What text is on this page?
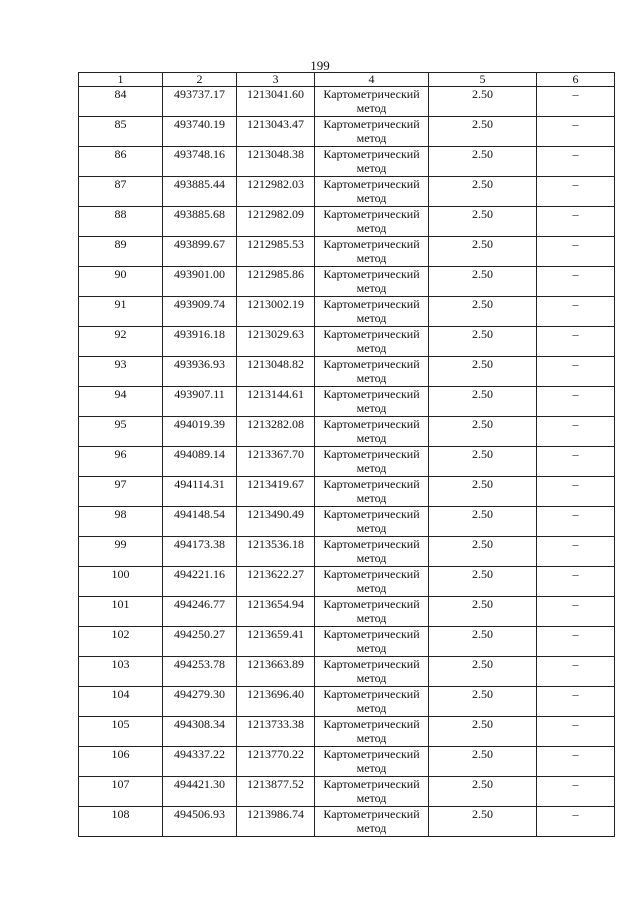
199
1	2	3	4	5	6
84	493737.17	1213041.60	Картометрический метод	2.50	–
85	493740.19	1213043.47	Картометрический метод	2.50	–
86	493748.16	1213048.38	Картометрический метод	2.50	–
87	493885.44	1212982.03	Картометрический метод	2.50	–
88	493885.68	1212982.09	Картометрический метод	2.50	–
89	493899.67	1212985.53	Картометрический метод	2.50	–
90	493901.00	1212985.86	Картометрический метод	2.50	–
91	493909.74	1213002.19	Картометрический метод	2.50	–
92	493916.18	1213029.63	Картометрический метод	2.50	–
93	493936.93	1213048.82	Картометрический метод	2.50	–
94	493907.11	1213144.61	Картометрический метод	2.50	–
95	494019.39	1213282.08	Картометрический метод	2.50	–
96	494089.14	1213367.70	Картометрический метод	2.50	–
97	494114.31	1213419.67	Картометрический метод	2.50	–
98	494148.54	1213490.49	Картометрический метод	2.50	–
99	494173.38	1213536.18	Картометрический метод	2.50	–
100	494221.16	1213622.27	Картометрический метод	2.50	–
101	494246.77	1213654.94	Картометрический метод	2.50	–
102	494250.27	1213659.41	Картометрический метод	2.50	–
103	494253.78	1213663.89	Картометрический метод	2.50	–
104	494279.30	1213696.40	Картометрический метод	2.50	–
105	494308.34	1213733.38	Картометрический метод	2.50	–
106	494337.22	1213770.22	Картометрический метод	2.50	–
107	494421.30	1213877.52	Картометрический метод	2.50	–
108	494506.93	1213986.74	Картометрический метод	2.50	–
